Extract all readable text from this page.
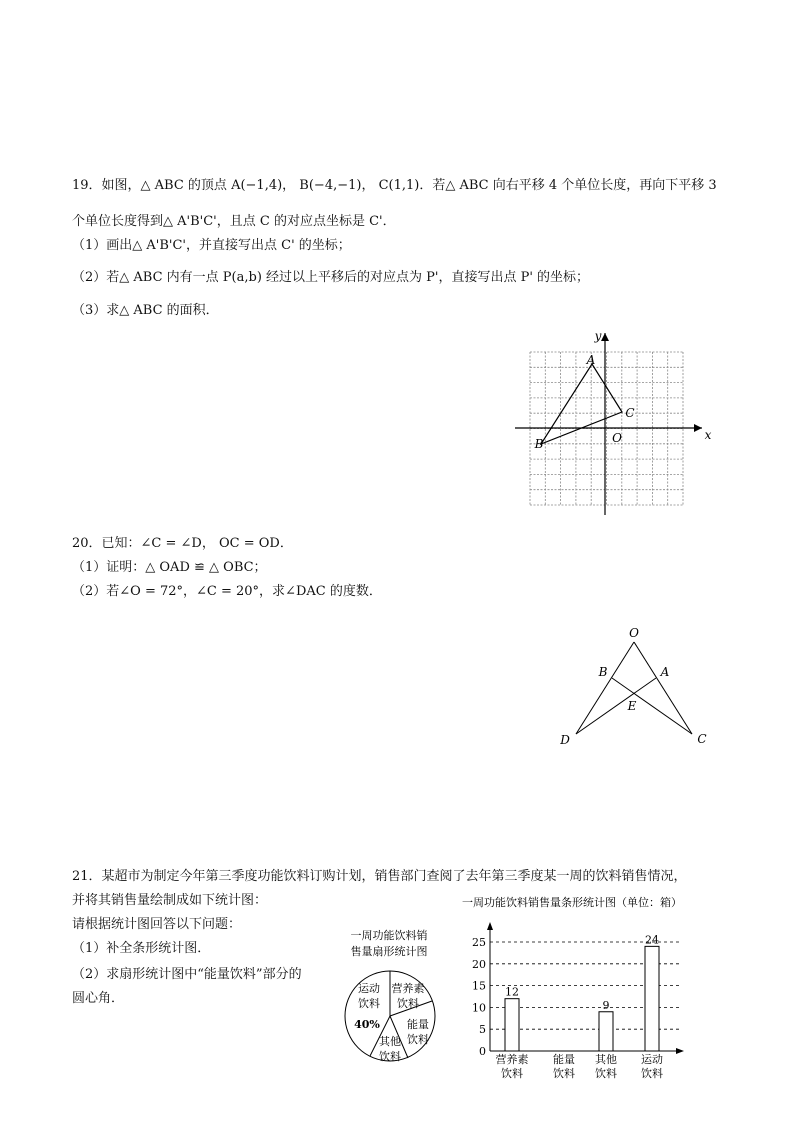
19．如图，△ ABC 的顶点 A(−1,4)， B(−4,−1)， C(1,1)．若△ ABC 向右平移 4 个单位长度，再向下平移 3
个单位长度得到△ A'B'C'，且点 C 的对应点坐标是 C'．
（1）画出△ A'B'C'，并直接写出点 C' 的坐标；
（2）若△ ABC 内有一点 P(a,b) 经过以上平移后的对应点为 P'，直接写出点 P' 的坐标；
（3）求△ ABC 的面积．
x
y
A
B
C
O
20．已知：∠C = ∠D， OC = OD．
（1）证明：△ OAD ≌ △ OBC；
（2）若∠O = 72°，∠C = 20°，求∠DAC 的度数．
O
B	A
E
D	C
21．某超市为制定今年第三季度功能饮料订购计划，销售部门查阅了去年第三季度某一周的饮料销售情况，
并将其销售量绘制成如下统计图：
请根据统计图回答以下问题：
（1）补全条形统计图．
（2）求扇形统计图中“能量饮料”部分的
圆心角．
一周功能饮料销
售量扇形统计图
营养素
饮料
运动
饮料
40% 能量
饮料
其他
饮料
一周功能饮料销售量条形统计图（单位：箱）
0
5
10
15
20
25
12
营养素
饮料
能量
饮料
9
其他
饮料
24
运动
饮料
